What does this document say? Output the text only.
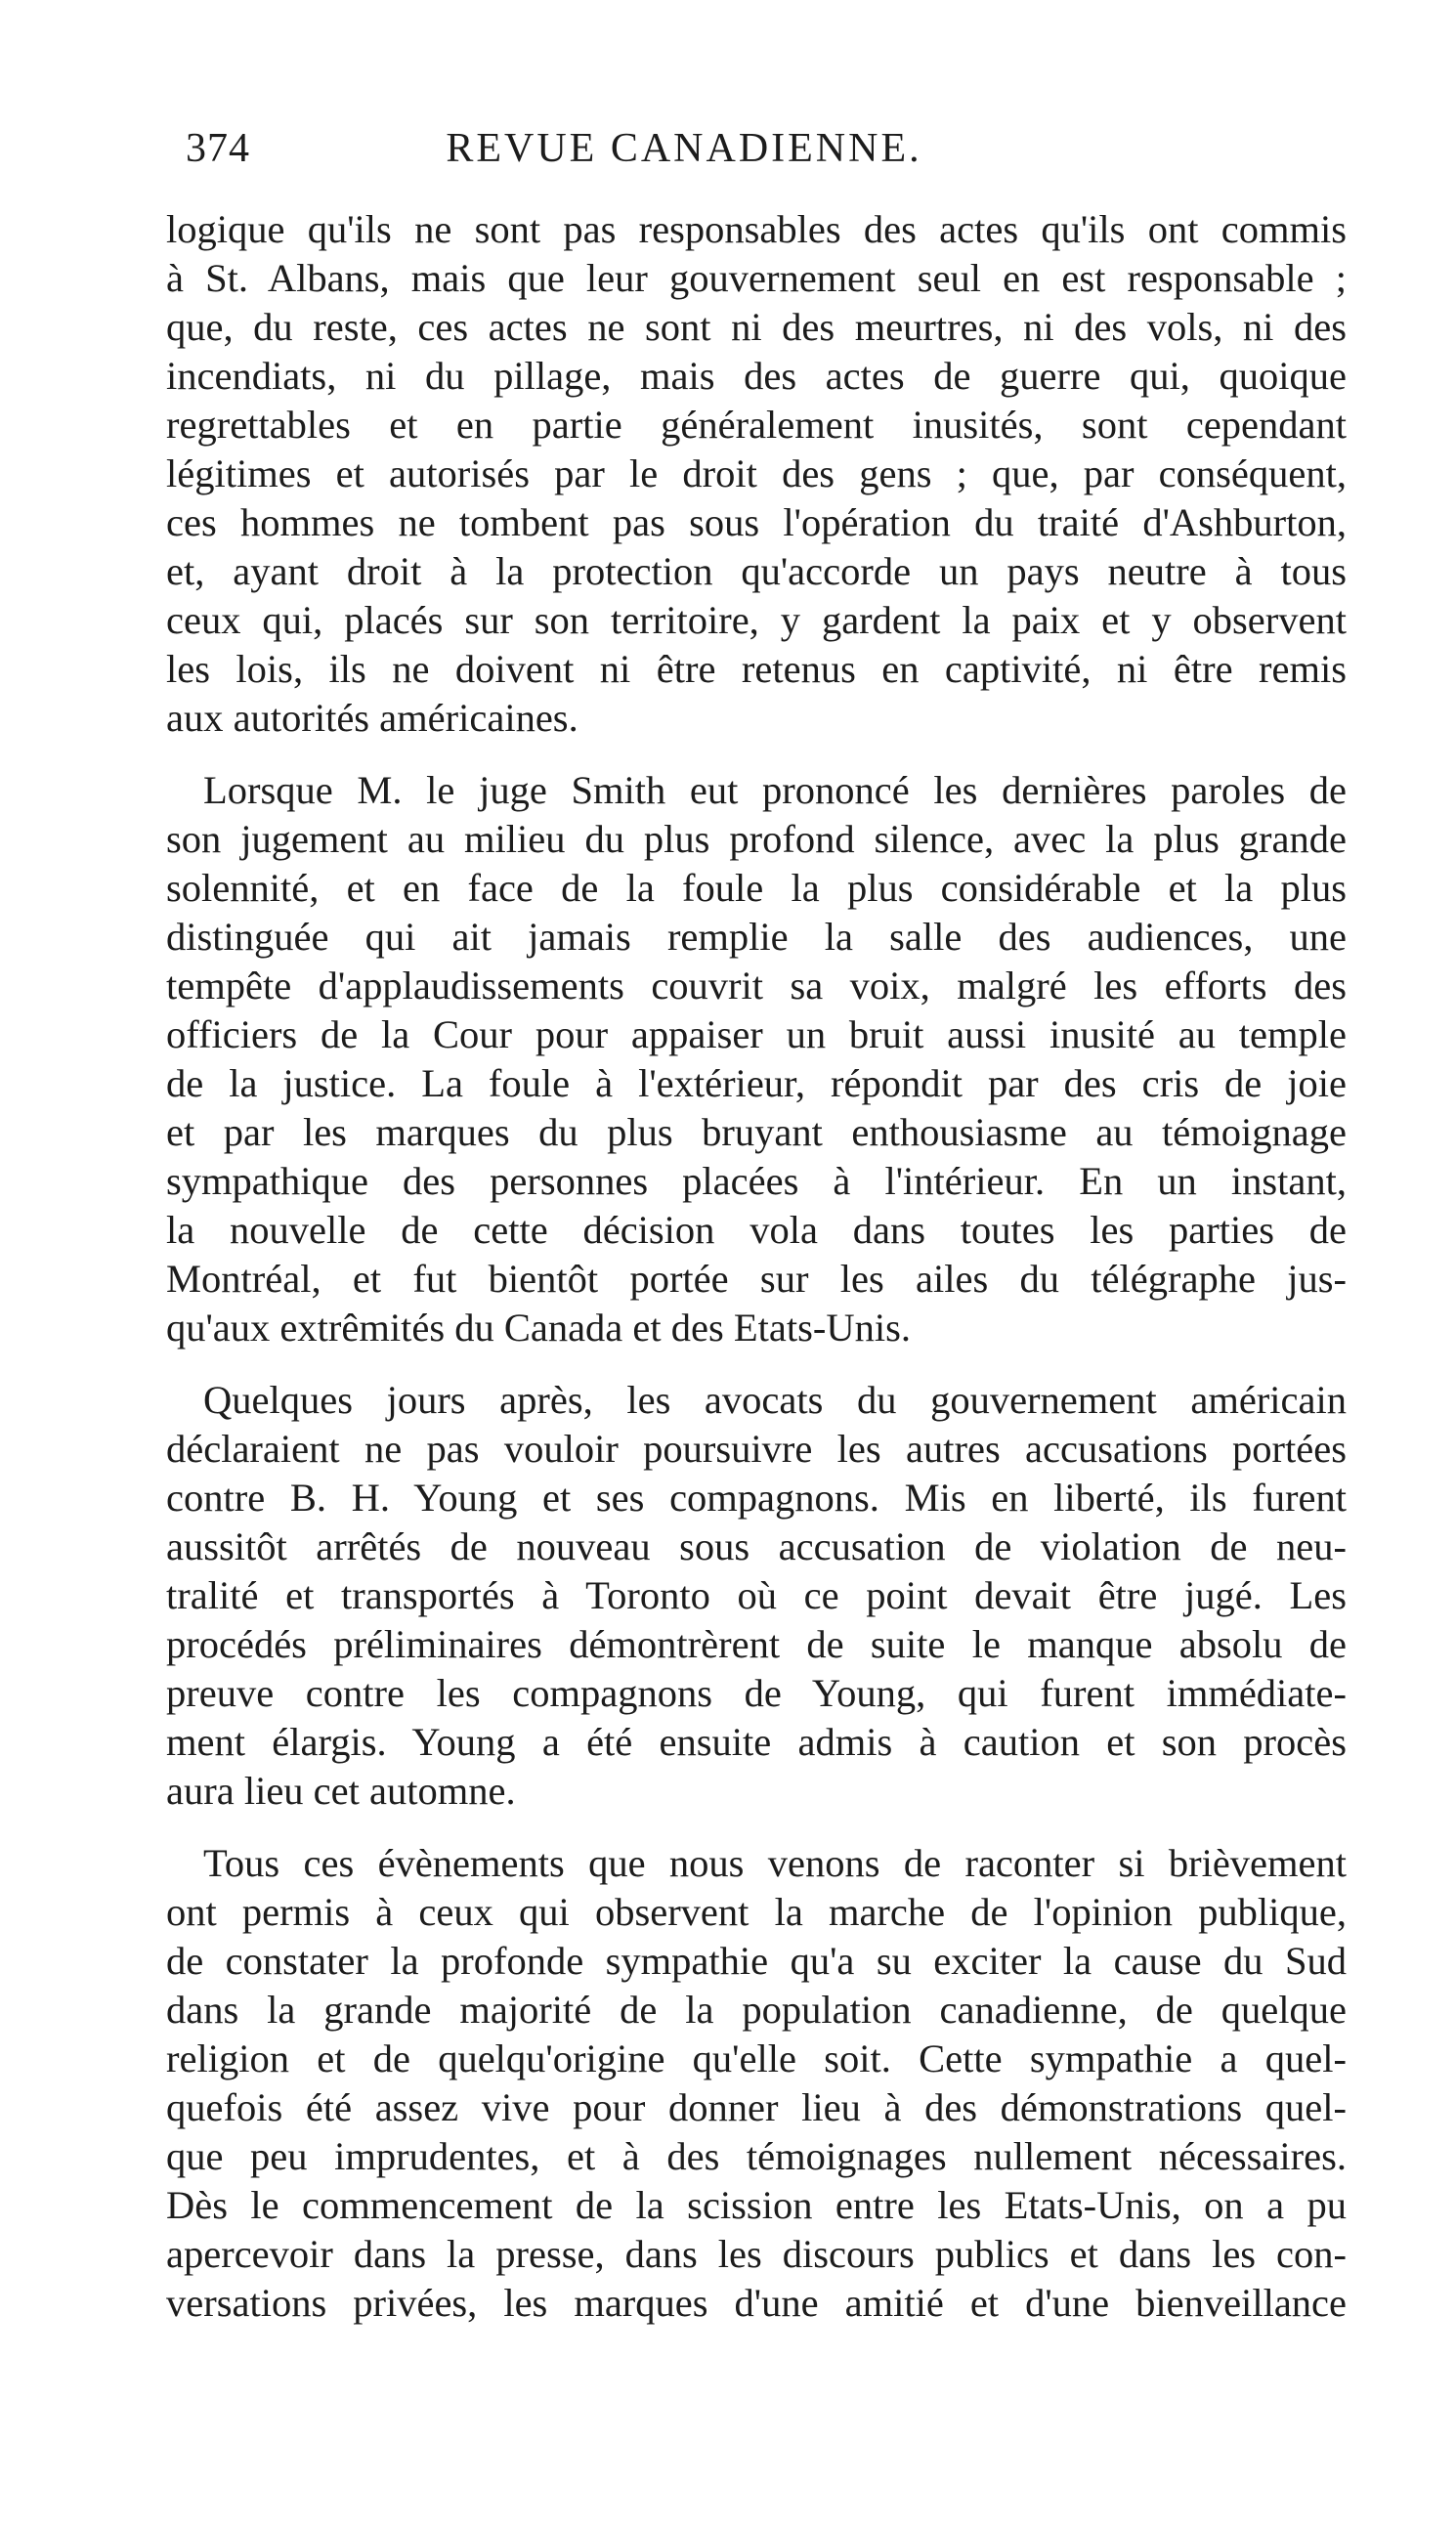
374	REVUE CANADIENNE.
logique qu'ils ne sont pas responsables des actes qu'ils ont commis
à St. Albans, mais que leur gouvernement seul en est responsable ;
que, du reste, ces actes ne sont ni des meurtres, ni des vols, ni des
incendiats, ni du pillage, mais des actes de guerre qui, quoique
regrettables et en partie généralement inusités, sont cependant
légitimes et autorisés par le droit des gens ; que, par conséquent,
ces hommes ne tombent pas sous l'opération du traité d'Ashburton,
et, ayant droit à la protection qu'accorde un pays neutre à tous
ceux qui, placés sur son territoire, y gardent la paix et y observent
les lois, ils ne doivent ni être retenus en captivité, ni être remis
aux autorités américaines.
Lorsque M. le juge Smith eut prononcé les dernières paroles de
son jugement au milieu du plus profond silence, avec la plus grande
solennité, et en face de la foule la plus considérable et la plus
distinguée qui ait jamais remplie la salle des audiences, une
tempête d'applaudissements couvrit sa voix, malgré les efforts des
officiers de la Cour pour appaiser un bruit aussi inusité au temple
de la justice. La foule à l'extérieur, répondit par des cris de joie
et par les marques du plus bruyant enthousiasme au témoignage
sympathique des personnes placées à l'intérieur. En un instant,
la nouvelle de cette décision vola dans toutes les parties de
Montréal, et fut bientôt portée sur les ailes du télégraphe jus-
qu'aux extrêmités du Canada et des Etats-Unis.
Quelques jours après, les avocats du gouvernement américain
déclaraient ne pas vouloir poursuivre les autres accusations portées
contre B. H. Young et ses compagnons. Mis en liberté, ils furent
aussitôt arrêtés de nouveau sous accusation de violation de neu-
tralité et transportés à Toronto où ce point devait être jugé. Les
procédés préliminaires démontrèrent de suite le manque absolu de
preuve contre les compagnons de Young, qui furent immédiate-
ment élargis. Young a été ensuite admis à caution et son procès
aura lieu cet automne.
Tous ces évènements que nous venons de raconter si brièvement
ont permis à ceux qui observent la marche de l'opinion publique,
de constater la profonde sympathie qu'a su exciter la cause du Sud
dans la grande majorité de la population canadienne, de quelque
religion et de quelqu'origine qu'elle soit. Cette sympathie a quel-
quefois été assez vive pour donner lieu à des démonstrations quel-
que peu imprudentes, et à des témoignages nullement nécessaires.
Dès le commencement de la scission entre les Etats-Unis, on a pu
apercevoir dans la presse, dans les discours publics et dans les con-
versations privées, les marques d'une amitié et d'une bienveillance
